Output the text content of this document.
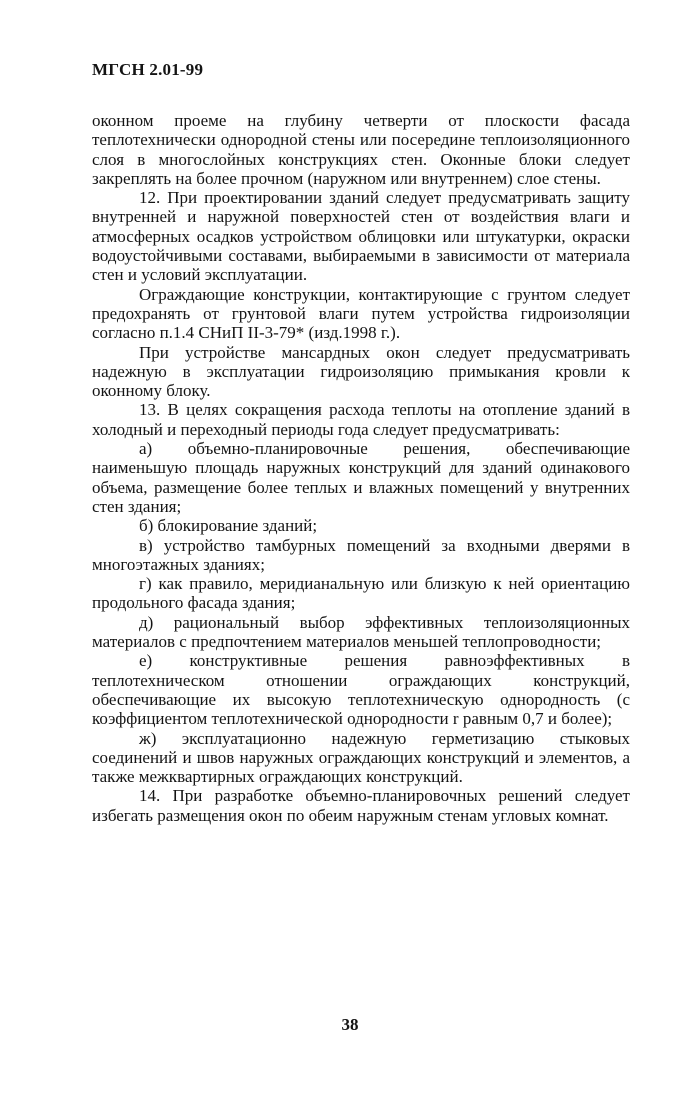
МГСН 2.01-99

оконном проеме на глубину четверти от плоскости фасада теплотехнически однородной стены или посередине теплоизоляционного слоя в многослойных конструкциях стен. Оконные блоки следует закреплять на более прочном (наружном или внутреннем) слое стены.

12. При проектировании зданий следует предусматривать защиту внутренней и наружной поверхностей стен от воздействия влаги и атмосферных осадков устройством облицовки или штукатурки, окраски водоустойчивыми составами, выбираемыми в зависимости от материала стен и условий эксплуатации.

Ограждающие конструкции, контактирующие с грунтом следует предохранять от грунтовой влаги путем устройства гидроизоляции согласно п.1.4 СНиП II-3-79* (изд.1998 г.).

При устройстве мансардных окон следует предусматривать надежную в эксплуатации гидроизоляцию примыкания кровли к оконному блоку.

13. В целях сокращения расхода теплоты на отопление зданий в холодный и переходный периоды года следует предусматривать:

а) объемно-планировочные решения, обеспечивающие наименьшую площадь наружных конструкций для зданий одинакового объема, размещение более теплых и влажных помещений у внутренних стен здания;

б) блокирование зданий;

в) устройство тамбурных помещений за входными дверями в многоэтажных зданиях;

г) как правило, меридианальную или близкую к ней ориентацию продольного фасада здания;

д) рациональный выбор эффективных теплоизоляционных материалов с предпочтением материалов меньшей теплопроводности;

е) конструктивные решения равноэффективных в теплотехническом отношении ограждающих конструкций, обеспечивающие их высокую теплотехническую однородность (с коэффициентом теплотехнической однородности r равным 0,7 и более);

ж) эксплуатационно надежную герметизацию стыковых соединений и швов наружных ограждающих конструкций и элементов, а также межквартирных ограждающих конструкций.

14. При разработке объемно-планировочных решений следует избегать размещения окон по обеим наружным стенам угловых комнат.

38
